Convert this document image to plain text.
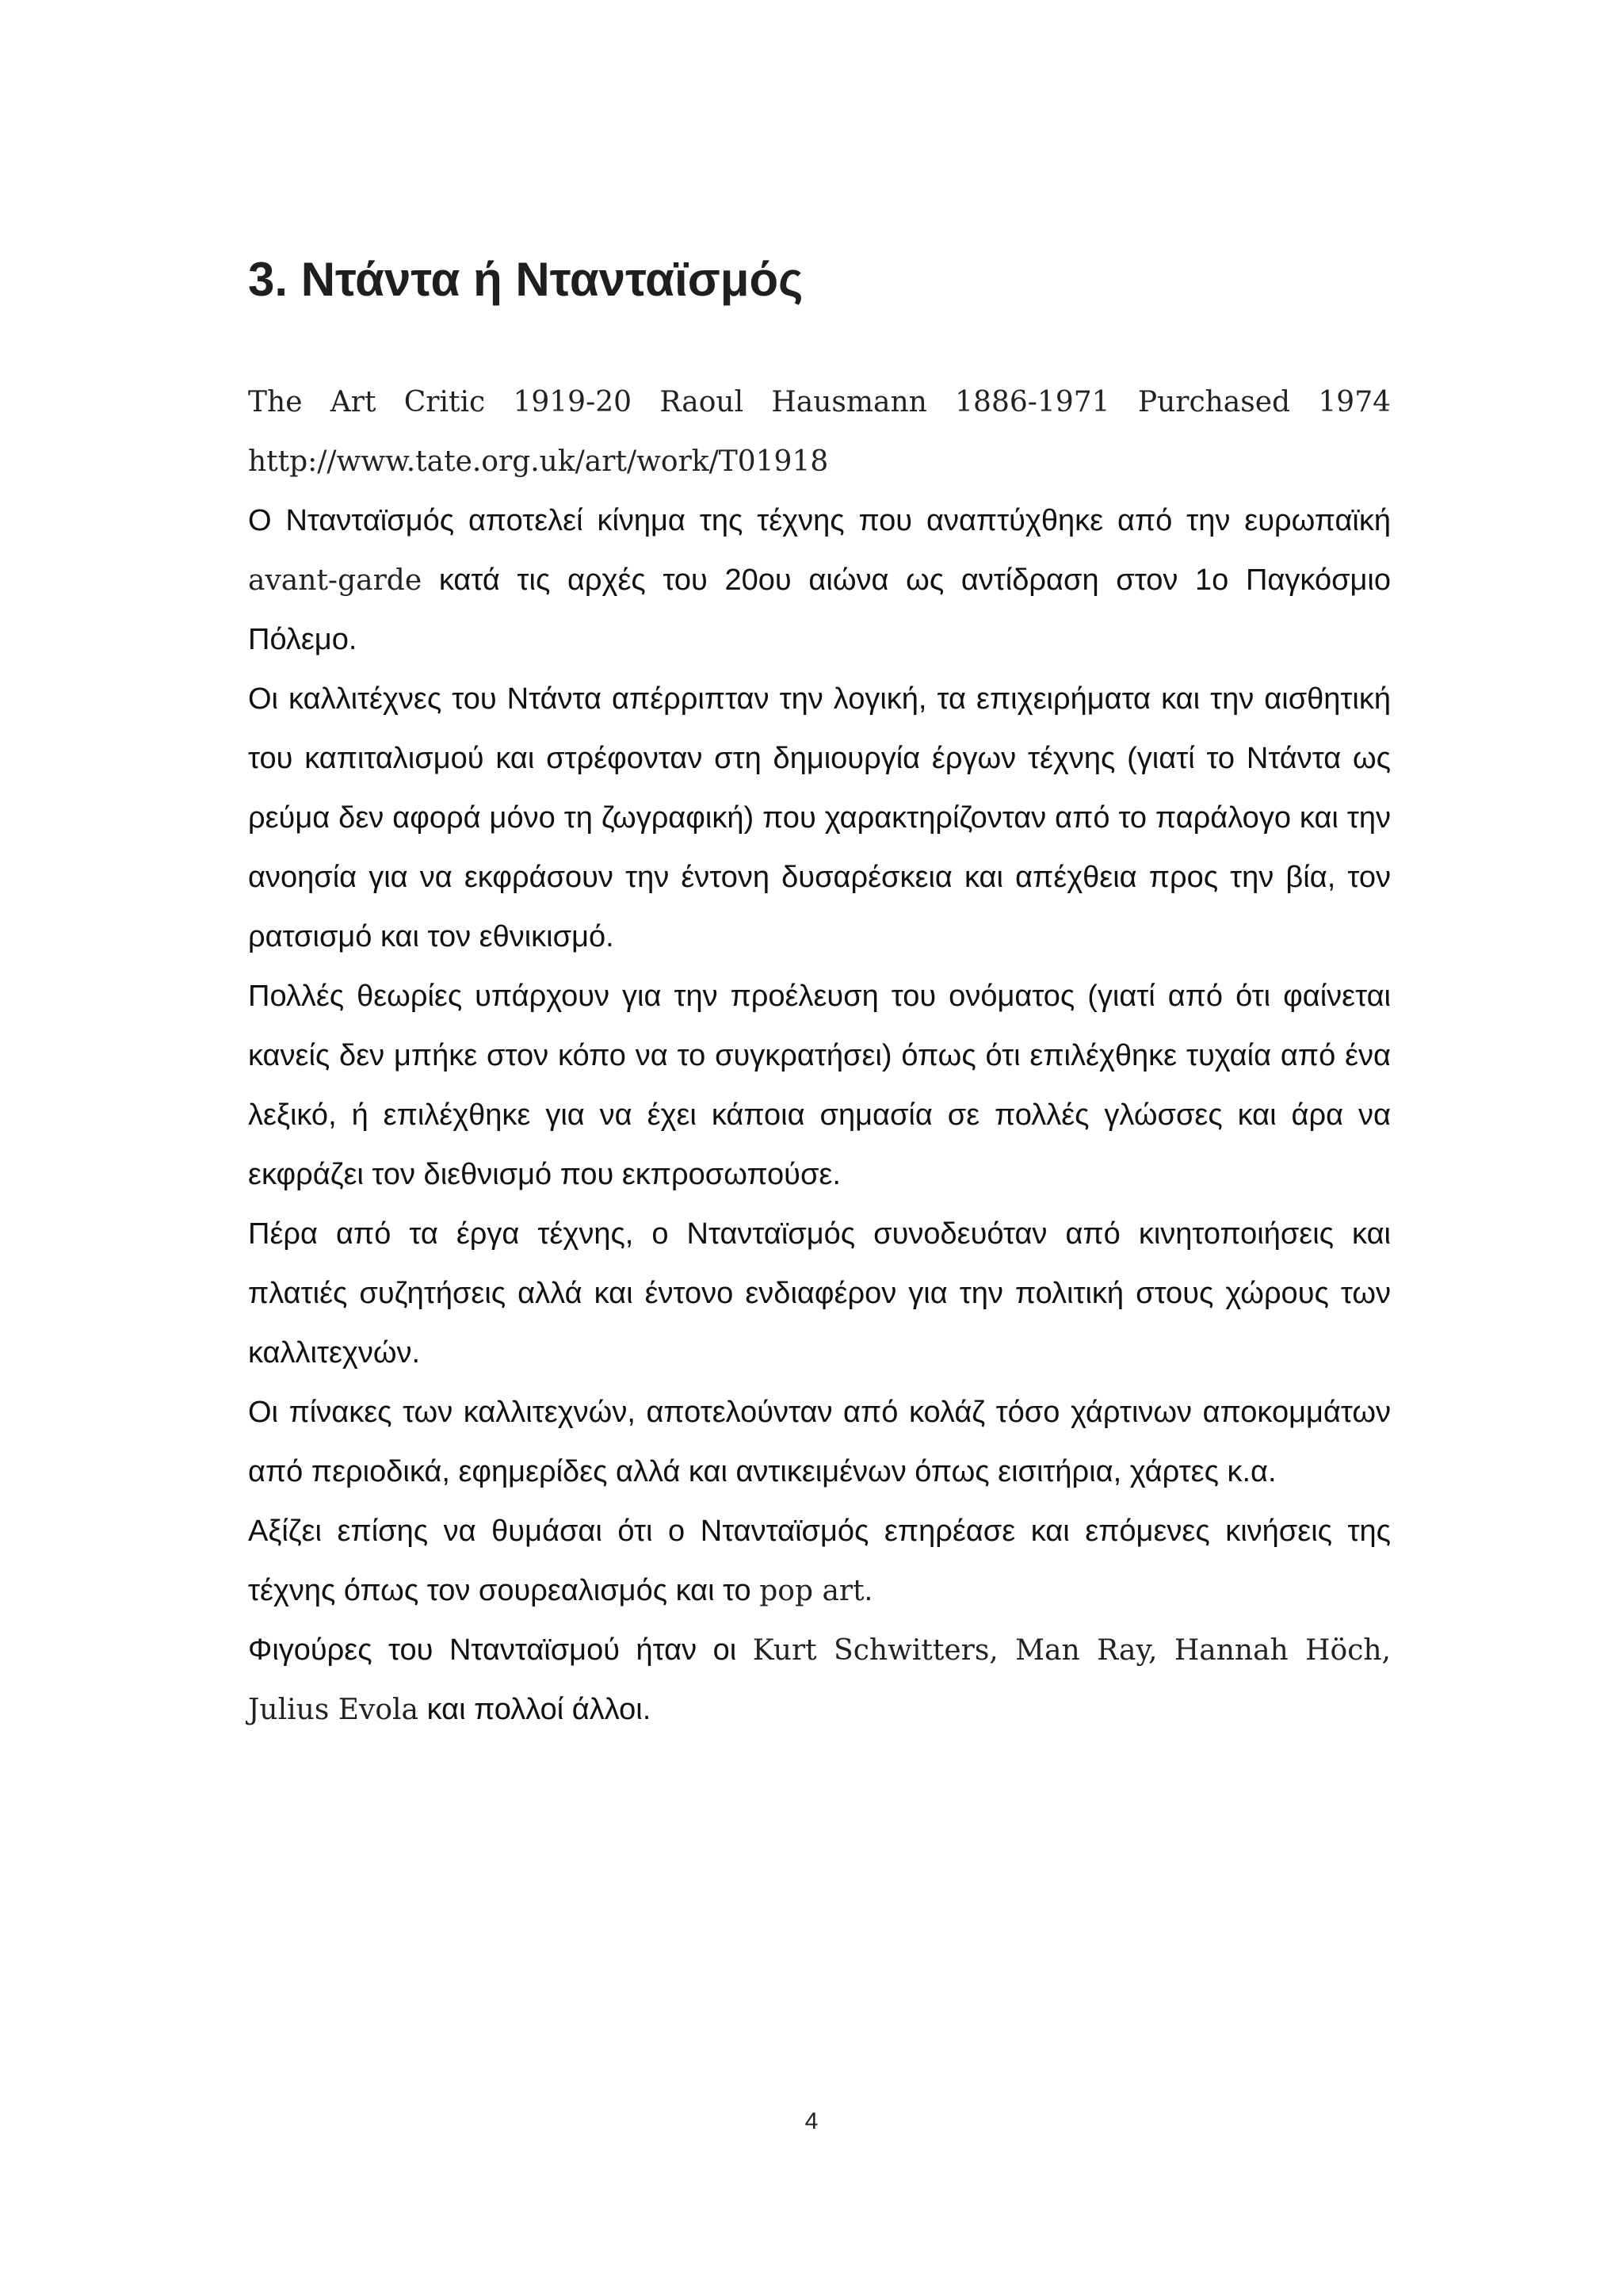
3. Ντάντα ή Ντανταϊσμός

The Art Critic 1919-20 Raoul Hausmann 1886-1971 Purchased 1974 http://www.tate.org.uk/art/work/T01918

Ο Ντανταϊσμός αποτελεί κίνημα της τέχνης που αναπτύχθηκε από την ευρωπαϊκή avant-garde κατά τις αρχές του 20ου αιώνα ως αντίδραση στον 1ο Παγκόσμιο Πόλεμο.

Οι καλλιτέχνες του Ντάντα απέρριπταν την λογική, τα επιχειρήματα και την αισθητική του καπιταλισμού και στρέφονταν στη δημιουργία έργων τέχνης (γιατί το Ντάντα ως ρεύμα δεν αφορά μόνο τη ζωγραφική) που χαρακτηρίζονταν από το παράλογο και την ανοησία για να εκφράσουν την έντονη δυσαρέσκεια και απέχθεια προς την βία, τον ρατσισμό και τον εθνικισμό.

Πολλές θεωρίες υπάρχουν για την προέλευση του ονόματος (γιατί από ότι φαίνεται κανείς δεν μπήκε στον κόπο να το συγκρατήσει) όπως ότι επιλέχθηκε τυχαία από ένα λεξικό, ή επιλέχθηκε για να έχει κάποια σημασία σε πολλές γλώσσες και άρα να εκφράζει τον διεθνισμό που εκπροσωπούσε.

Πέρα από τα έργα τέχνης, ο Ντανταϊσμός συνοδευόταν από κινητοποιήσεις και πλατιές συζητήσεις αλλά και έντονο ενδιαφέρον για την πολιτική στους χώρους των καλλιτεχνών.

Οι πίνακες των καλλιτεχνών, αποτελούνταν από κολάζ τόσο χάρτινων αποκομμάτων από περιοδικά, εφημερίδες αλλά και αντικειμένων όπως εισιτήρια, χάρτες κ.α.

Αξίζει επίσης να θυμάσαι ότι ο Ντανταϊσμός επηρέασε και επόμενες κινήσεις της τέχνης όπως τον σουρεαλισμός και το pop art.

Φιγούρες του Ντανταϊσμού ήταν οι Kurt Schwitters, Man Ray, Hannah Höch, Julius Evola και πολλοί άλλοι.

4
